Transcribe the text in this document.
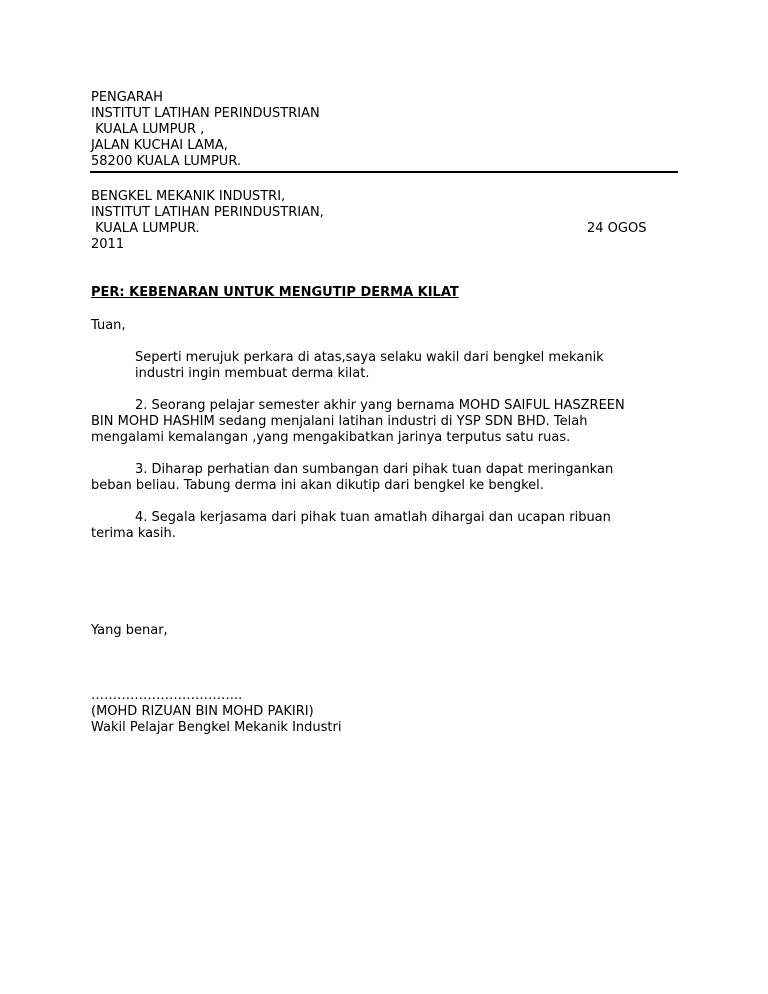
PENGARAH
INSTITUT LATIHAN PERINDUSTRIAN
KUALA LUMPUR ,
JALAN KUCHAI LAMA,
58200 KUALA LUMPUR.
BENGKEL MEKANIK INDUSTRI,
INSTITUT LATIHAN PERINDUSTRIAN,
KUALA LUMPUR.	24 OGOS
2011
PER: KEBENARAN UNTUK MENGUTIP DERMA KILAT
Tuan,
Seperti merujuk perkara di atas,saya selaku wakil dari bengkel mekanik
industri ingin membuat derma kilat.
2. Seorang pelajar semester akhir yang bernama MOHD SAIFUL HASZREEN
BIN MOHD HASHIM sedang menjalani latihan industri di YSP SDN BHD. Telah
mengalami kemalangan ,yang mengakibatkan jarinya terputus satu ruas.
3. Diharap perhatian dan sumbangan dari pihak tuan dapat meringankan
beban beliau. Tabung derma ini akan dikutip dari bengkel ke bengkel.
4. Segala kerjasama dari pihak tuan amatlah dihargai dan ucapan ribuan
terima kasih.
Yang benar,
……………………………..
(MOHD RIZUAN BIN MOHD PAKIRI)
Wakil Pelajar Bengkel Mekanik Industri
